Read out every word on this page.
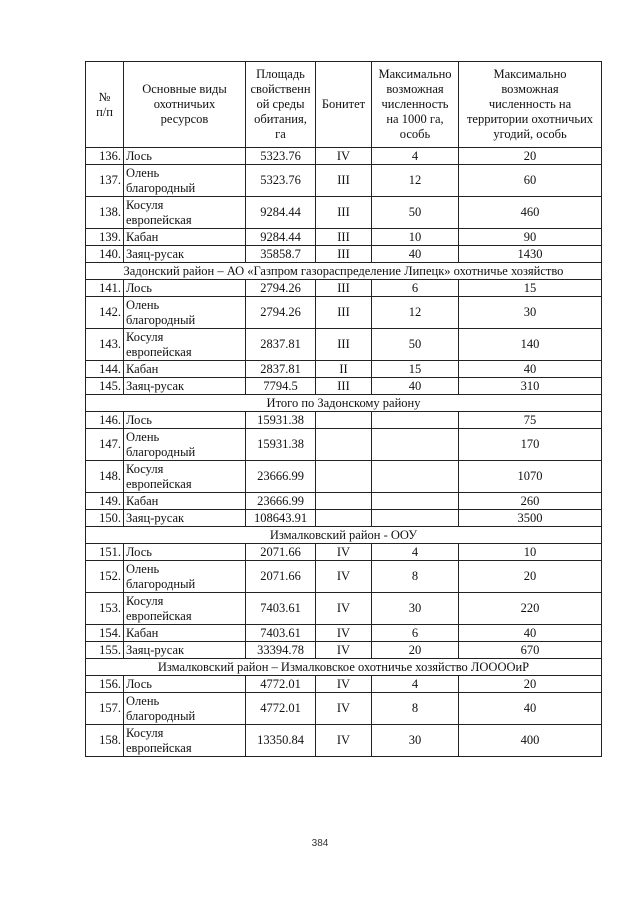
№
п/п	Основные виды
охотничьих
ресурсов	Площадь
свойственн
ой среды
обитания,
га	Бонитет	Максимально
возможная
численность
на 1000 га,
особь	Максимально
возможная
численность на
территории охотничьих
угодий, особь
136.	Лось	5323.76	IV	4	20
137.	Олень
благородный	5323.76	III	12	60
138.	Косуля
европейская	9284.44	III	50	460
139.	Кабан	9284.44	III	10	90
140.	Заяц-русак	35858.7	III	40	1430
Задонский район – АО «Газпром газораспределение Липецк» охотничье хозяйство					
141.	Лось	2794.26	III	6	15
142.	Олень
благородный	2794.26	III	12	30
143.	Косуля
европейская	2837.81	III	50	140
144.	Кабан	2837.81	II	15	40
145.	Заяц-русак	7794.5	III	40	310
Итого по Задонскому району					
146.	Лось	15931.38			75
147.	Олень
благородный	15931.38			170
148.	Косуля
европейская	23666.99			1070
149.	Кабан	23666.99			260
150.	Заяц-русак	108643.91			3500
Измалковский район - ООУ					
151.	Лось	2071.66	IV	4	10
152.	Олень
благородный	2071.66	IV	8	20
153.	Косуля
европейская	7403.61	IV	30	220
154.	Кабан	7403.61	IV	6	40
155.	Заяц-русак	33394.78	IV	20	670
Измалковский район – Измалковское охотничье хозяйство ЛООООиР					
156.	Лось	4772.01	IV	4	20
157.	Олень
благородный	4772.01	IV	8	40
158.	Косуля
европейская	13350.84	IV	30	400
384
